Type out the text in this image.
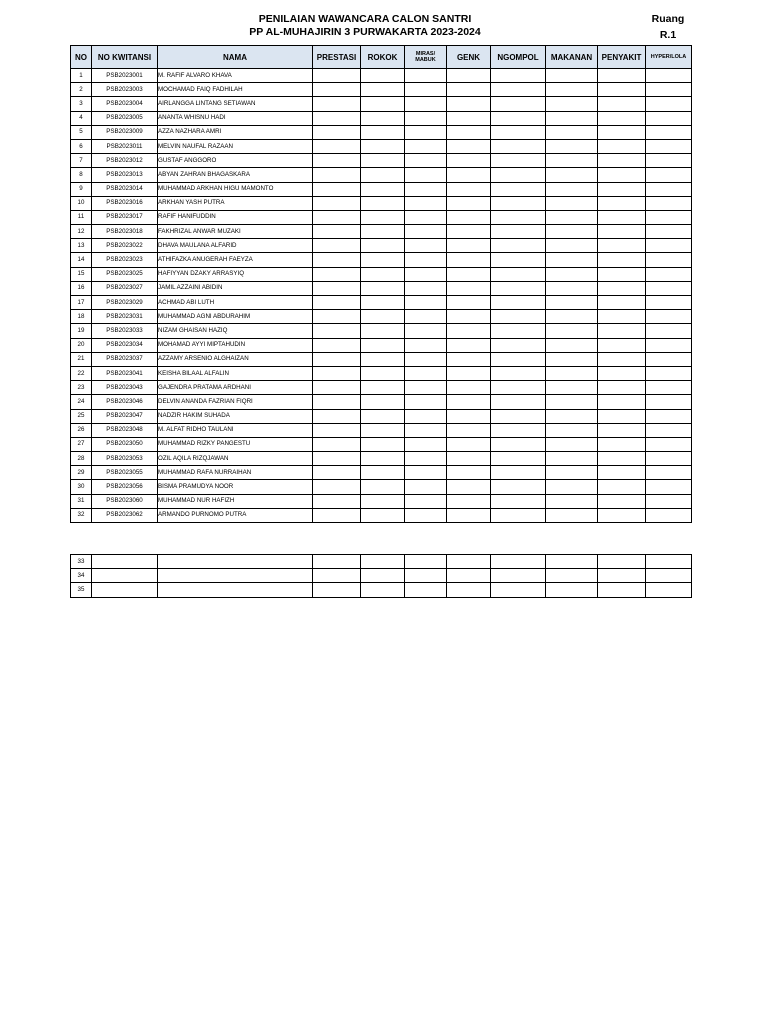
PENILAIAN WAWANCARA CALON SANTRI
PP AL-MUHAJIRIN 3 PURWAKARTA 2023-2024
Ruang
R.1
NO	NO KWITANSI	NAMA	PRESTASI	ROKOK	MIRAS/ MABUK	GENK	NGOMPOL	MAKANAN	PENYAKIT	HYPER/LOLA
1	PSB2023001	M. RAFIF ALVARO KHAVA								
2	PSB2023003	MOCHAMAD FAIQ FADHILAH								
3	PSB2023004	AIRLANGGA LINTANG SETIAWAN								
4	PSB2023005	ANANTA WHISNU HADI								
5	PSB2023009	AZZA NAZHARA AMRI								
6	PSB2023011	MELVIN NAUFAL RAZAAN								
7	PSB2023012	GUSTAF ANGGORO								
8	PSB2023013	ABYAN ZAHRAN BHAGASKARA								
9	PSB2023014	MUHAMMAD ARKHAN HIGU MAMONTO								
10	PSB2023016	ARKHAN YASH PUTRA								
11	PSB2023017	RAFIF HANIFUDDIN								
12	PSB2023018	FAKHRIZAL ANWAR MUZAKI								
13	PSB2023022	DHAVA MAULANA ALFARID								
14	PSB2023023	ATHIFAZKA ANUGERAH FAEYZA								
15	PSB2023025	HAFIYYAN DZAKY ARRASYIQ								
16	PSB2023027	JAMIL AZZAINI ABIDIN								
17	PSB2023029	ACHMAD ABI LUTH								
18	PSB2023031	MUHAMMAD AGNI ABDURAHIM								
19	PSB2023033	NIZAM GHAISAN HAZIQ								
20	PSB2023034	MOHAMAD AYYI MIPTAHUDIN								
21	PSB2023037	AZZAMY ARSENIO ALGHAIZAN								
22	PSB2023041	KEISHA BILAAL ALFALIN								
23	PSB2023043	GAJENDRA PRATAMA ARDHANI								
24	PSB2023046	DELVIN ANANDA FAZRIAN FIQRI								
25	PSB2023047	NADZIR HAKIM SUHADA								
26	PSB2023048	M. ALFAT RIDHO TAULANI								
27	PSB2023050	MUHAMMAD RIZKY PANGESTU								
28	PSB2023053	OZIL AQILA RIZQJAWAN								
29	PSB2023055	MUHAMMAD RAFA NURRAIHAN								
30	PSB2023056	BISMA PRAMUDYA NOOR								
31	PSB2023060	MUHAMMAD NUR HAFIZH								
32	PSB2023062	ARMANDO PURNOMO PUTRA								
33										
34										
35										
